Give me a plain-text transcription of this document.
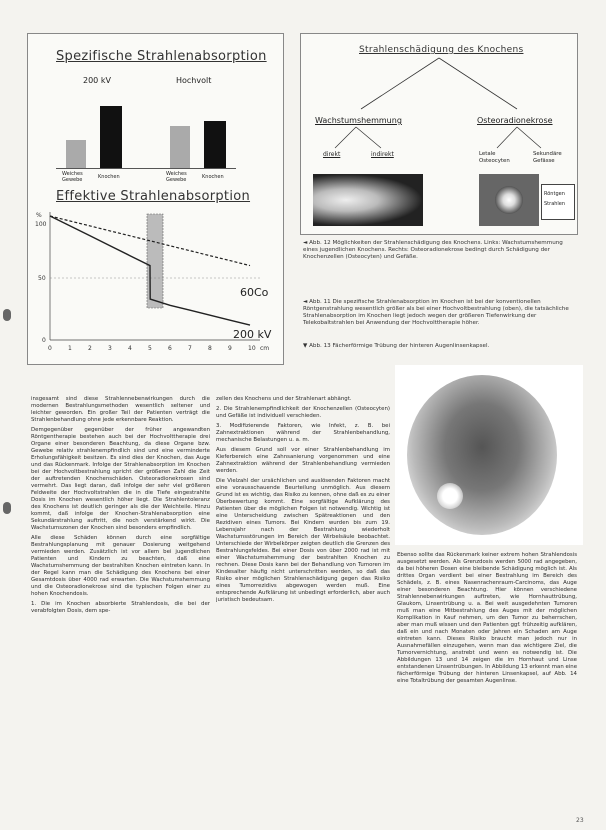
Spezifische Strahlenabsorption
200 kV	Hochvolt
Weiches Gewebe	Knochen	Weiches Gewebe	Knochen
Effektive Strahlenabsorption
%
100
50
0
0	1	2	3	4	5	6	7	8	9	10 cm
60Co
200 kV
Strahlenschädigung des Knochens
Wachstumshemmung	Osteoradionekrose
direkt	indirekt	Letale Osteocyten
Sekundäre Gefässe
Röntgen
Strahlen
◄ Abb. 12 Möglichkeiten der Strahlenschädigung des Knochens. Links: Wachstumshemmung eines jugendlichen Knochens. Rechts: Osteoradionekrose bedingt durch Schädigung der Knochenzellen (Osteocyten) und Gefäße.
◄ Abb. 11 Die spezifische Strahlenabsorption im Knochen ist bei der konventionellen Röntgenstrahlung wesentlich größer als bei einer Hochvoltbestrahlung (oben), die tatsächliche Strahlenabsorption im Knochen liegt jedoch wegen der größeren Tiefenwirkung der Telekobaltstrahlen bei Anwendung der Hochvolttherapie höher.
▼ Abb. 13 Fächerförmige Trübung der hinteren Augenlinsenkapsel.

insgesamt sind diese Strahlennebenwirkungen durch die modernen Bestrahlungsmethoden wesentlich seltener und leichter geworden. Ein großer Teil der Patienten verträgt die Strahlenbehandlung ohne jede erkennbare Reaktion.

Demgegenüber gegenüber der früher angewandten Röntgentherapie bestehen auch bei der Hochvolttherapie drei Organe einer besonderen Beachtung, da diese Organe bzw. Gewebe relativ strahlenempfindlich sind und eine verminderte Erholungsfähigkeit besitzen. Es sind dies der Knochen, das Auge und das Rückenmark. Infolge der Strahlenabsorption im Knochen bei der Hochvoltbestrahlung spricht der größeren Zahl die Zeit der auftretenden Knochenschäden. Osteoradionekrosen sind vermehrt. Das liegt daran, daß infolge der sehr viel größeren Feldweite der Hochvoltstrahlen die in die Tiefe eingestrahlte Dosis im Knochen wesentlich höher liegt. Die Strahlentoleranz des Knochens ist deutlich geringer als die der Weichteile. Hinzu kommt, daß infolge der Knochen-Strahlenabsorption eine Sekundärstrahlung auftritt, die noch verstärkend wirkt. Die Wachstumszonen der Knochen sind besonders empfindlich.

Alle diese Schäden können durch eine sorgfältige Bestrahlungsplanung mit genauer Dosierung weitgehend vermieden werden. Zusätzlich ist vor allem bei jugendlichen Patienten und Kindern zu beachten, daß eine Wachstumshemmung der bestrahlten Knochen eintreten kann. In der Regel kann man die Schädigung des Knochens bei einer Gesamtdosis über 4000 rad erwarten. Die Wachstumshemmung und die Osteoradionekrose sind die typischen Folgen einer zu hohen Knochendosis.

1. Die im Knochen absorbierte Strahlendosis, die bei der verabfolgten Dosis, dem spe-

zellen des Knochens und der Strahlenart abhängt.

2. Die Strahlenempfindlichkeit der Knochenzellen (Osteocyten) und Gefäße ist individuell verschieden.

3. Modifizierende Faktoren, wie Infekt, z. B. bei Zahnextraktionen während der Strahlenbehandlung, mechanische Belastungen u. a. m.

Aus diesem Grund soll vor einer Strahlenbehandlung im Kieferbereich eine Zahnsanierung vorgenommen und eine Zahnextraktion während der Strahlenbehandlung vermieden werden.

Die Vielzahl der ursächlichen und auslösenden Faktoren macht eine vorausschauende Beurteilung unmöglich. Aus diesem Grund ist es wichtig, das Risiko zu kennen, ohne daß es zu einer Überbewertung kommt. Eine sorgfältige Aufklärung des Patienten über die möglichen Folgen ist notwendig. Wichtig ist eine Unterscheidung zwischen Spätreaktionen und den Rezidiven eines Tumors. Bei Kindern wurden bis zum 19. Lebensjahr nach der Bestrahlung wiederholt Wachstumsstörungen im Bereich der Wirbelsäule beobachtet. Unterschiede der Wirbelkörper zeigten deutlich die Grenzen des Bestrahlungsfeldes. Bei einer Dosis von über 2000 rad ist mit einer Wachstumshemmung der bestrahlten Knochen zu rechnen. Diese Dosis kann bei der Behandlung von Tumoren im Kindesalter häufig nicht unterschritten werden, so daß das Risiko einer möglichen Strahlenschädigung gegen das Risiko eines Tumorrezidivs abgewogen werden muß. Eine entsprechende Aufklärung ist unbedingt erforderlich, aber auch juristisch bedeutsam.

Ebenso sollte das Rückenmark keiner extrem hohen Strahlendosis ausgesetzt werden. Als Grenzdosis werden 5000 rad angegeben, da bei höheren Dosen eine bleibende Schädigung möglich ist. Als drittes Organ verdient bei einer Bestrahlung im Bereich des Schädels, z. B. eines Nasenrachenraum-Carcinoms, das Auge einer besonderen Beachtung. Hier können verschiedene Strahlennebenwirkungen auftreten, wie Hornhauttrübung, Glaukom, Linsentrübung u. a. Bei weit ausgedehnten Tumoren muß man eine Mitbestrahlung des Auges mit der möglichen Komplikation in Kauf nehmen, um den Tumor zu beherrschen, aber man muß wissen und den Patienten ggf. frühzeitig aufklären, daß ein und nach Monaten oder Jahren ein Schaden am Auge eintreten kann. Dieses Risiko braucht man jedoch nur in Ausnahmefällen einzugehen, wenn man das wichtigere Ziel, die Tumorvernichtung, anstrebt und wenn es notwendig ist. Die Abbildungen 13 und 14 zeigen die im Hornhaut und Linse entstandenen Linsentrübungen. In Abbildung 13 erkennt man eine fächerförmige Trübung der hinteren Linsenkapsel, auf Abb. 14 eine Totaltrübung der gesamten Augenlinse.

23
